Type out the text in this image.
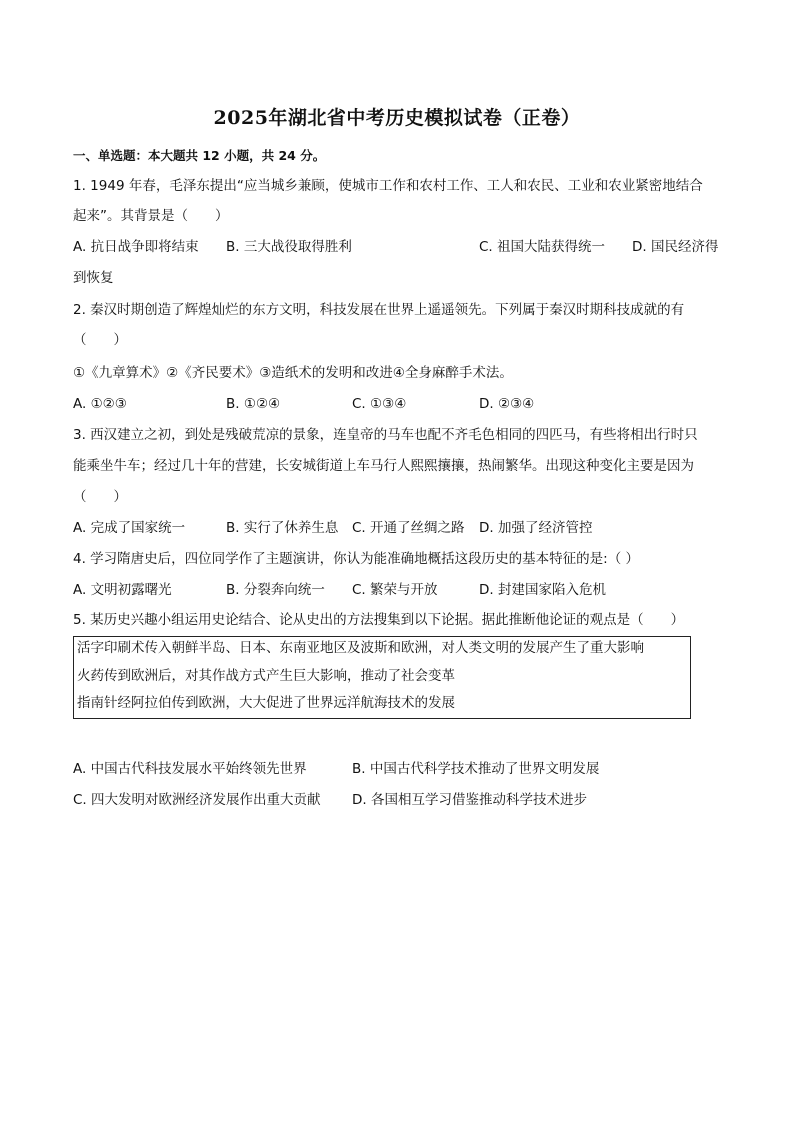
2025年湖北省中考历史模拟试卷（正卷）
一、单选题：本大题共 12 小题，共 24 分。
1. 1949 年春，毛泽东提出“应当城乡兼顾，使城市工作和农村工作、工人和农民、工业和农业紧密地结合
起来”。其背景是（　　）
A. 抗日战争即将结束 B. 三大战役取得胜利	C. 祖国大陆获得统一 D. 国民经济得
到恢复
2. 秦汉时期创造了辉煌灿烂的东方文明，科技发展在世界上遥遥领先。下列属于秦汉时期科技成就的有
（　　）
①《九章算术》②《齐民要术》③造纸术的发明和改进④全身麻醉手术法。
A. ①②③	B. ①②④	C. ①③④	D. ②③④
3. 西汉建立之初，到处是残破荒凉的景象，连皇帝的马车也配不齐毛色相同的四匹马，有些将相出行时只
能乘坐牛车；经过几十年的营建，长安城街道上车马行人熙熙攘攘，热闹繁华。出现这种变化主要是因为
（　　）
A. 完成了国家统一	B. 实行了休养生息 C. 开通了丝绸之路 D. 加强了经济管控
4. 学习隋唐史后，四位同学作了主题演讲，你认为能准确地概括这段历史的基本特征的是:（ ）
A. 文明初露曙光	B. 分裂奔向统一 C. 繁荣与开放	D. 封建国家陷入危机
5. 某历史兴趣小组运用史论结合、论从史出的方法搜集到以下论据。据此推断他论证的观点是（　　）
活字印刷术传入朝鲜半岛、日本、东南亚地区及波斯和欧洲，对人类文明的发展产生了重大影响
火药传到欧洲后，对其作战方式产生巨大影响，推动了社会变革
指南针经阿拉伯传到欧洲，大大促进了世界远洋航海技术的发展
A. 中国古代科技发展水平始终领先世界	B. 中国古代科学技术推动了世界文明发展
C. 四大发明对欧洲经济发展作出重大贡献 D. 各国相互学习借鉴推动科学技术进步
